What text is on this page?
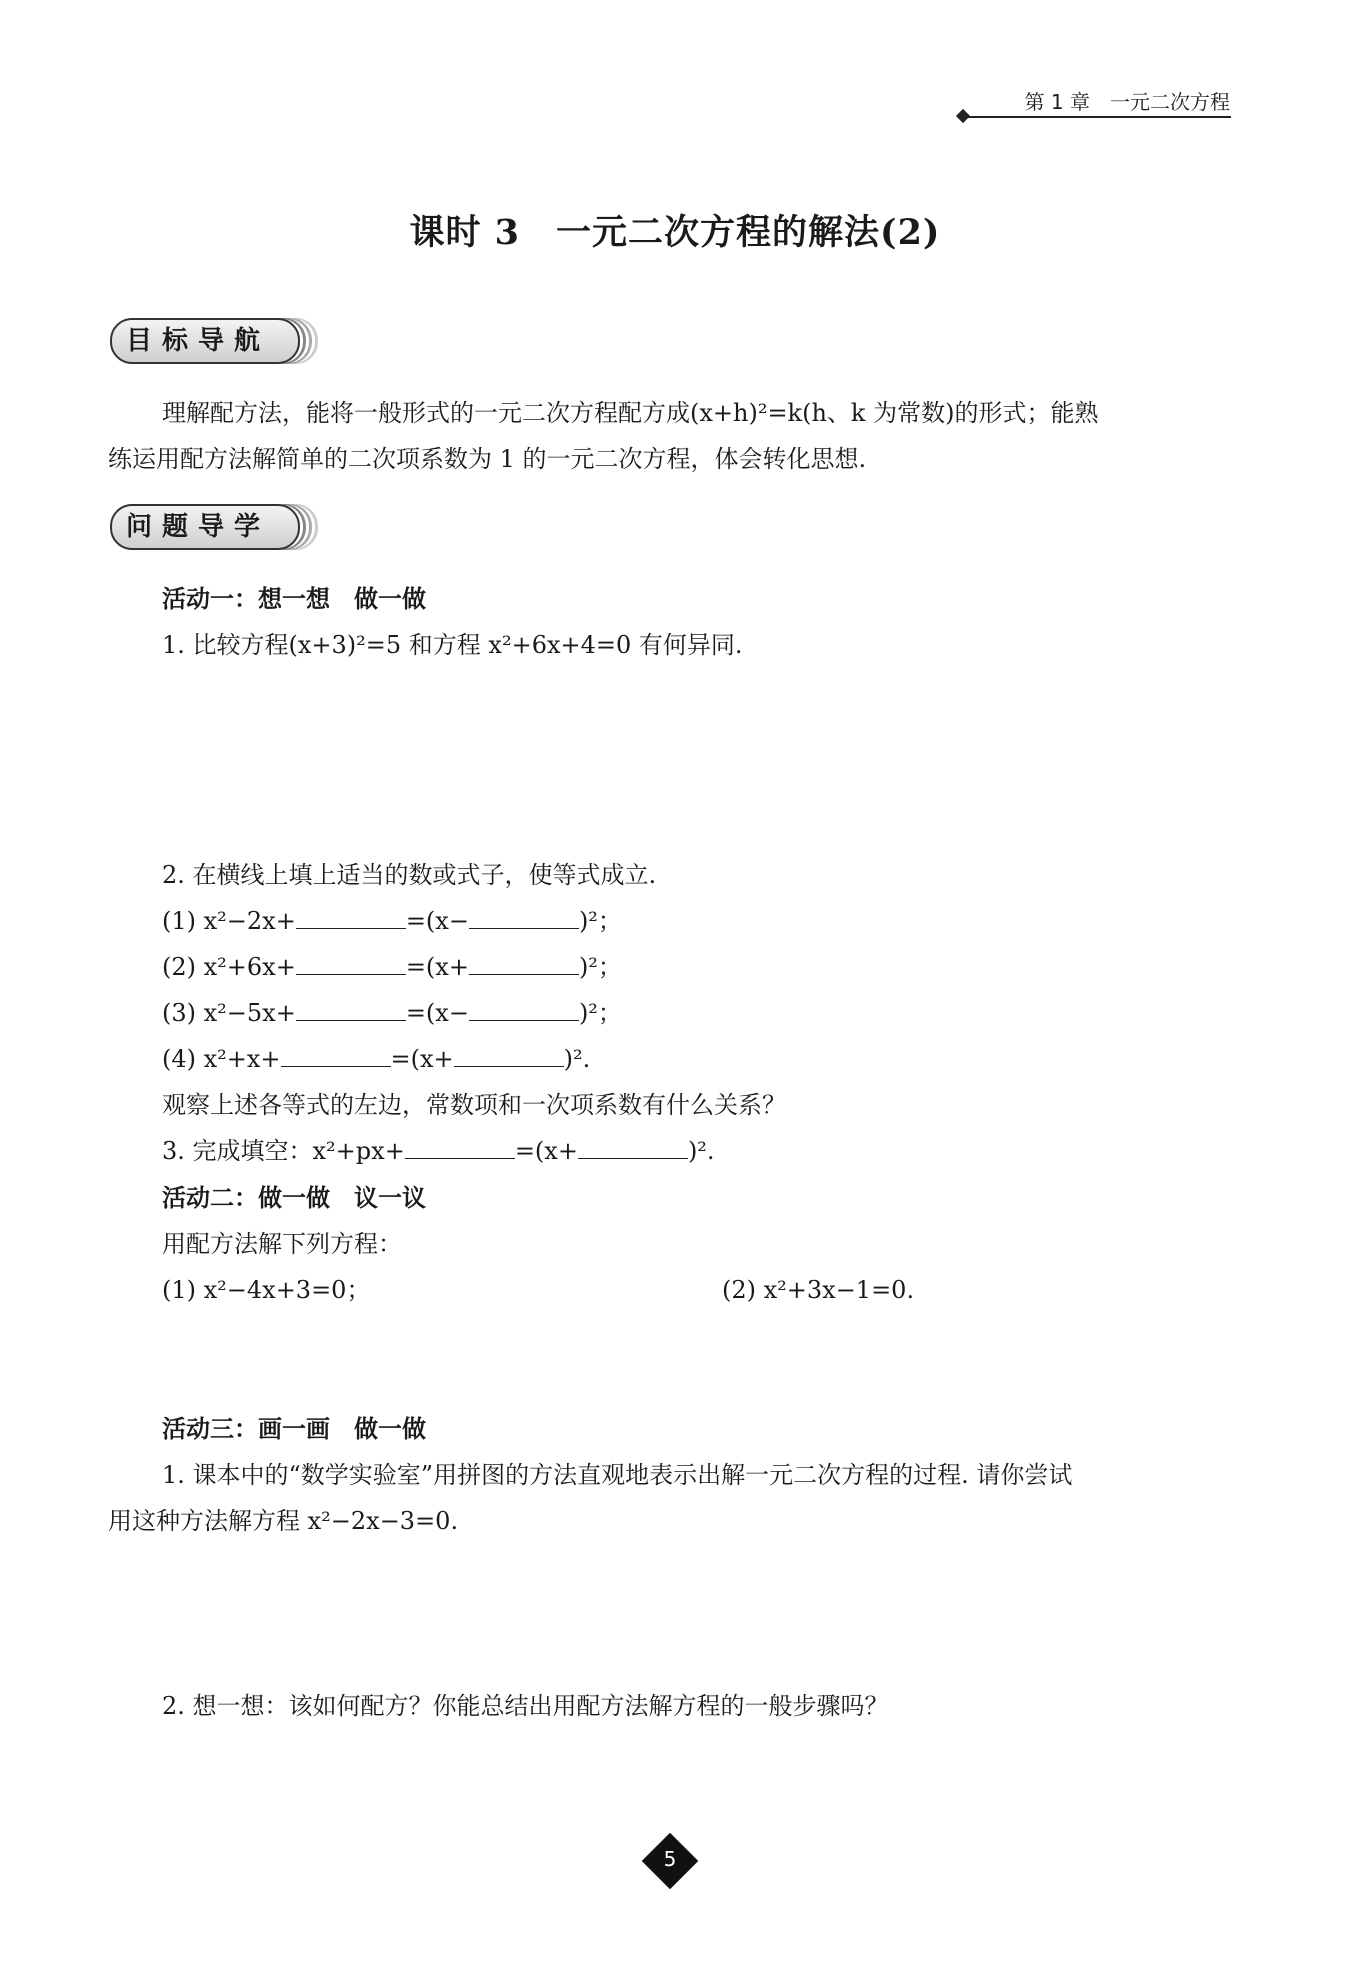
第 1 章　一元二次方程
课时 3　一元二次方程的解法(2)
目标导航
理解配方法，能将一般形式的一元二次方程配方成(x+h)²=k(h、k 为常数)的形式；能熟
练运用配方法解简单的二次项系数为 1 的一元二次方程，体会转化思想.
问题导学
活动一：想一想　做一做
1. 比较方程(x+3)²=5 和方程 x²+6x+4=0 有何异同.
2. 在横线上填上适当的数或式子，使等式成立.
(1) x²−2x+	=(x−	)²；
(2) x²+6x+	=(x+	)²；
(3) x²−5x+	=(x−	)²；
(4) x²+x+	=(x+	)².
观察上述各等式的左边，常数项和一次项系数有什么关系？
3. 完成填空：x²+px+	=(x+	)².
活动二：做一做　议一议
用配方法解下列方程：
(1) x²−4x+3=0；	(2) x²+3x−1=0.
活动三：画一画　做一做
1. 课本中的“数学实验室”用拼图的方法直观地表示出解一元二次方程的过程. 请你尝试
用这种方法解方程 x²−2x−3=0.
2. 想一想：该如何配方？你能总结出用配方法解方程的一般步骤吗？
5
